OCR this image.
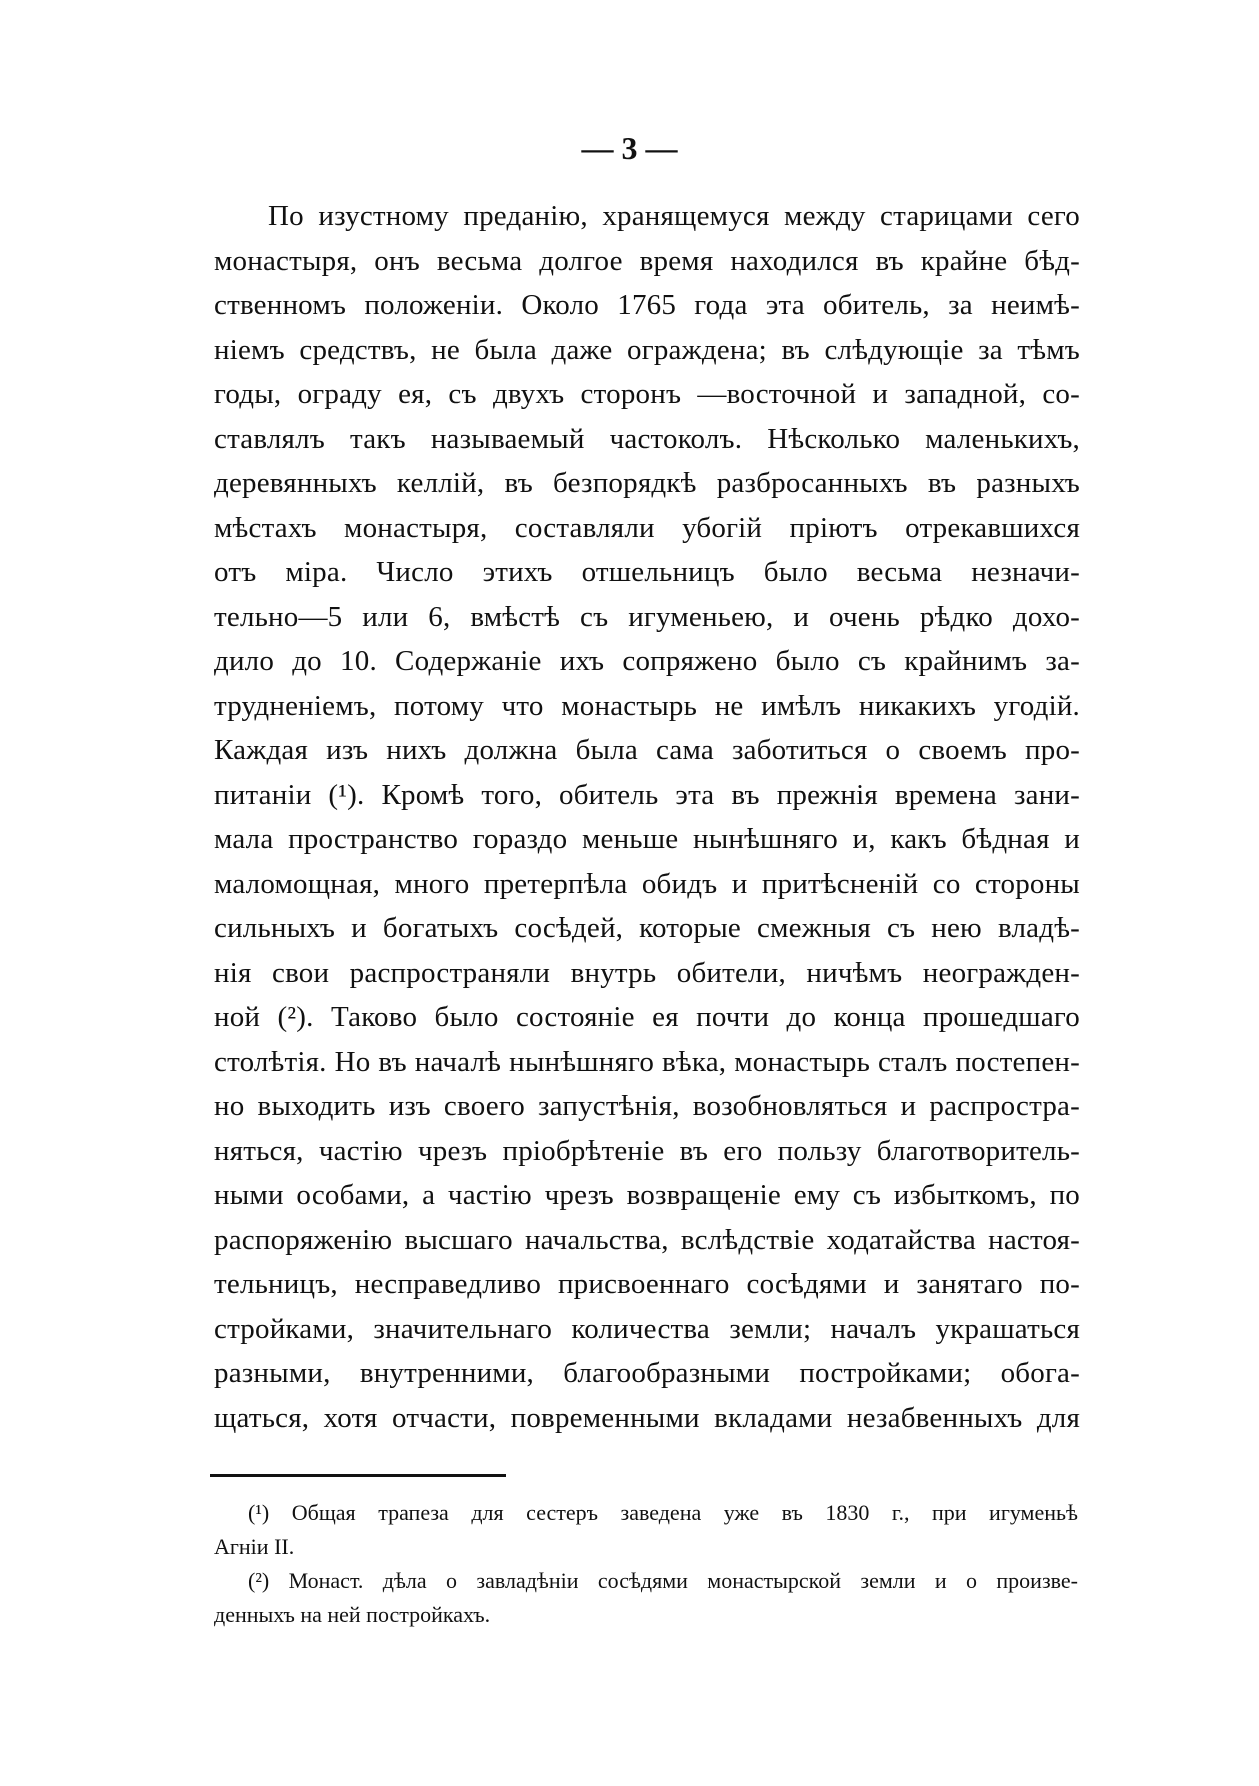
— 3 —
По изустному преданію, хранящемуся между старицами сего
монастыря, онъ весьма долгое время находился въ крайне бѣд-
ственномъ положеніи. Около 1765 года эта обитель, за неимѣ-
ніемъ средствъ, не была даже ограждена; въ слѣдующіе за тѣмъ
годы, ограду ея, съ двухъ сторонъ —восточной и западной, со-
ставлялъ такъ называемый частоколъ. Нѣсколько маленькихъ,
деревянныхъ келлій, въ безпорядкѣ разбросанныхъ въ разныхъ
мѣстахъ монастыря, составляли убогій пріютъ отрекавшихся
отъ міра. Число этихъ отшельницъ было весьма незначи-
тельно—5 или 6, вмѣстѣ съ игуменьею, и очень рѣдко дохо-
дило до 10. Содержаніе ихъ сопряжено было съ крайнимъ за-
трудненіемъ, потому что монастырь не имѣлъ никакихъ угодій.
Каждая изъ нихъ должна была сама заботиться о своемъ про-
питаніи (¹). Кромѣ того, обитель эта въ прежнія времена зани-
мала пространство гораздо меньше нынѣшняго и, какъ бѣдная и
маломощная, много претерпѣла обидъ и притѣсненій со стороны
сильныхъ и богатыхъ сосѣдей, которые смежныя съ нею владѣ-
нія свои распространяли внутрь обители, ничѣмъ неогражден-
ной (²). Таково было состояніе ея почти до конца прошедшаго
столѣтія. Но въ началѣ нынѣшняго вѣка, монастырь сталъ постепен-
но выходить изъ своего запустѣнія, возобновляться и распростра-
няться, частію чрезъ пріобрѣтеніе въ его пользу благотворитель-
ными особами, а частію чрезъ возвращеніе ему съ избыткомъ, по
распоряженію высшаго начальства, вслѣдствіе ходатайства настоя-
тельницъ, несправедливо присвоеннаго сосѣдями и занятаго по-
стройками, значительнаго количества земли; началъ украшаться
разными, внутренними, благообразными постройками; обога-
щаться, хотя отчасти, повременными вкладами незабвенныхъ для
(¹) Общая трапеза для сестеръ заведена уже въ 1830 г., при игуменьѣ
Агніи II.
(²) Монаст. дѣла о завладѣніи сосѣдями монастырской земли и о произве-
денныхъ на ней постройкахъ.
